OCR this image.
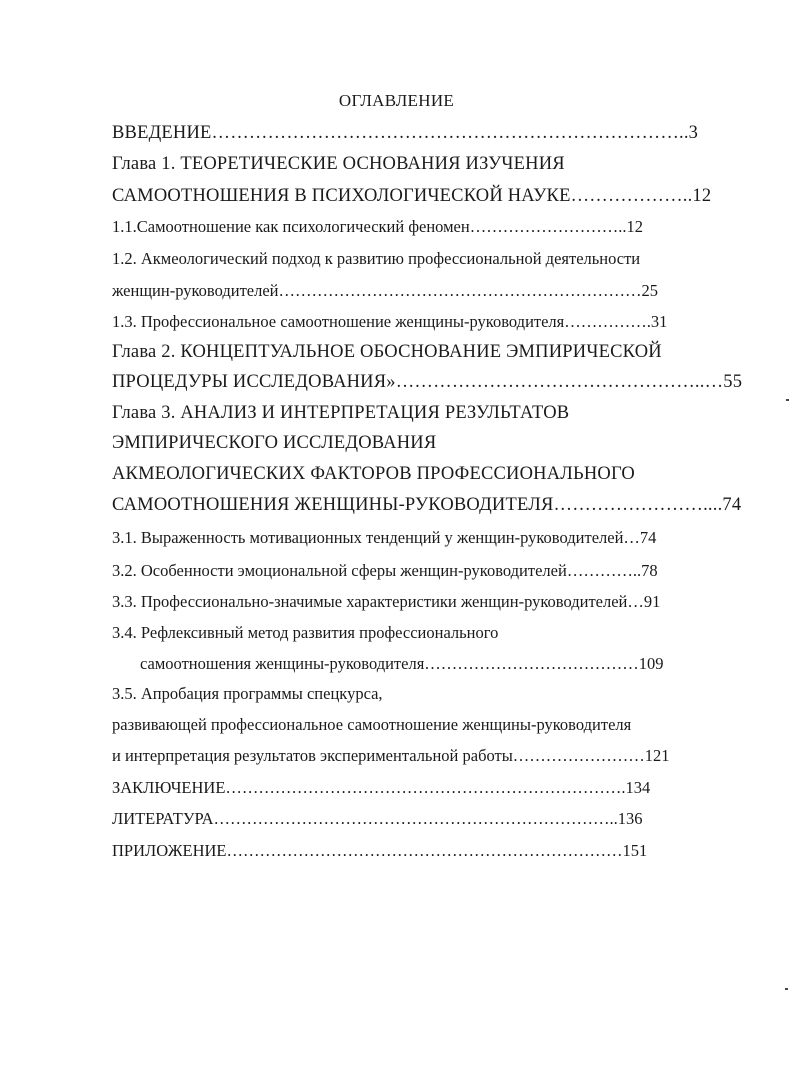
ОГЛАВЛЕНИЕ
ВВЕДЕНИЕ…………………………………………………………………..3
Глава 1. ТЕОРЕТИЧЕСКИЕ ОСНОВАНИЯ ИЗУЧЕНИЯ
САМООТНОШЕНИЯ В ПСИХОЛОГИЧЕСКОЙ НАУКЕ………………..12
1.1.Самоотношение как психологический феномен………………………..12
1.2. Акмеологический подход к развитию профессиональной деятельности
женщин-руководителей…………………………………………………………25
1.3. Профессиональное самоотношение женщины-руководителя…………….31
Глава 2. КОНЦЕПТУАЛЬНОЕ ОБОСНОВАНИЕ ЭМПИРИЧЕСКОЙ
ПРОЦЕДУРЫ ИССЛЕДОВАНИЯ»…………………………………………..…55
Глава 3. АНАЛИЗ И ИНТЕРПРЕТАЦИЯ РЕЗУЛЬТАТОВ
ЭМПИРИЧЕСКОГО ИССЛЕДОВАНИЯ
АКМЕОЛОГИЧЕСКИХ ФАКТОРОВ ПРОФЕССИОНАЛЬНОГО
САМООТНОШЕНИЯ ЖЕНЩИНЫ-РУКОВОДИТЕЛЯ……………………....74
3.1. Выраженность мотивационных тенденций у женщин-руководителей…74
3.2. Особенности эмоциональной сферы женщин-руководителей…………..78
3.3. Профессионально-значимые характеристики женщин-руководителей…91
3.4. Рефлексивный метод развития профессионального
самоотношения женщины-руководителя…………………………………109
3.5. Апробация программы спецкурса,
развивающей профессиональное самоотношение женщины-руководителя
и интерпретация результатов экспериментальной работы……………………121
ЗАКЛЮЧЕНИЕ……………………………………………………………….134
ЛИТЕРАТУРА………………………………………………………………..136
ПРИЛОЖЕНИЕ………………………………………………………………151
